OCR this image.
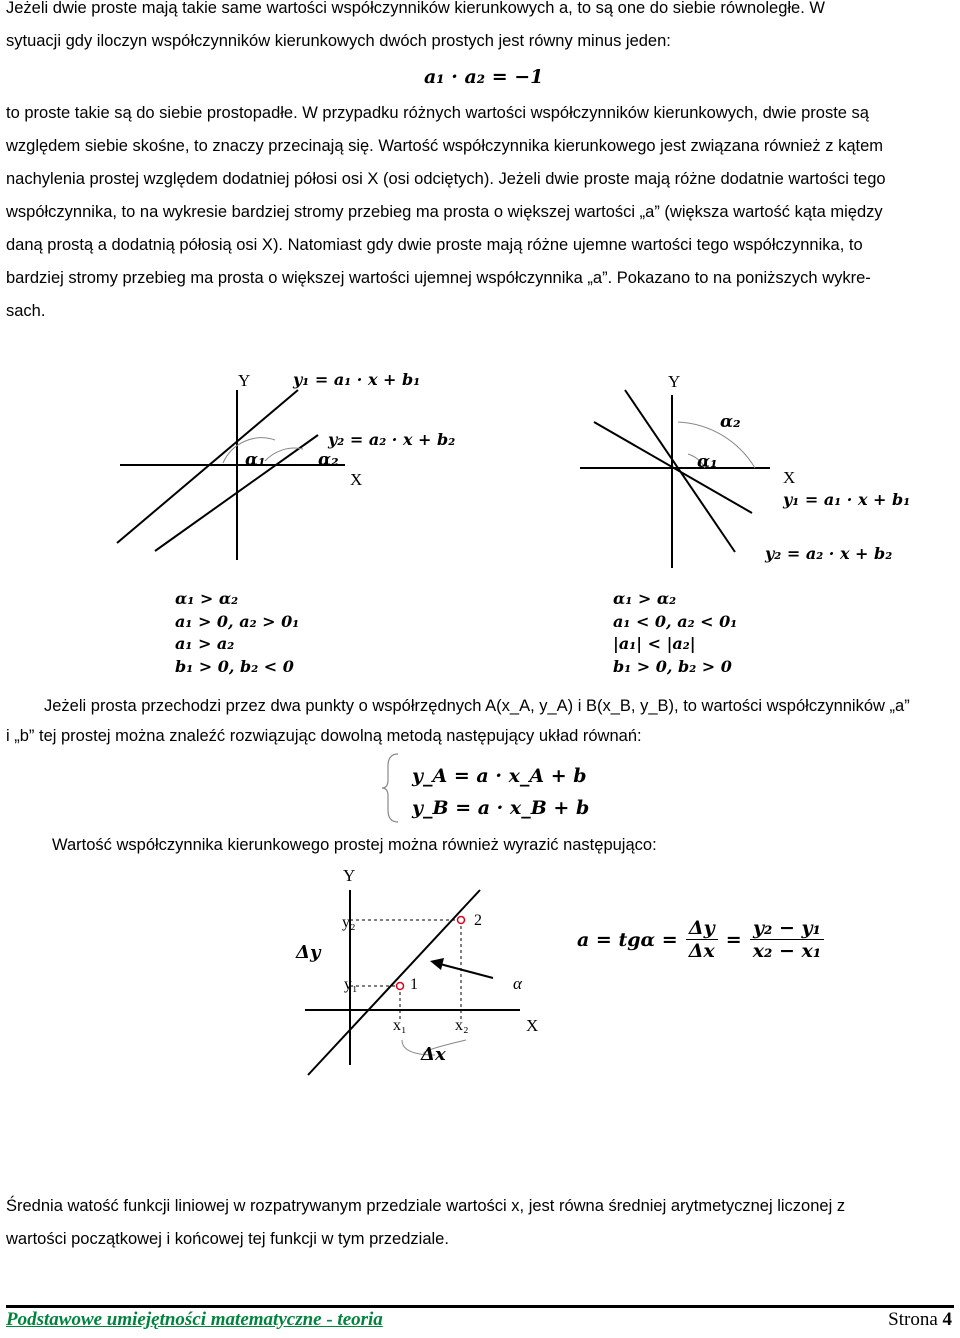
Jeżeli dwie proste mają takie same wartości współczynników kierunkowych a, to są one do siebie równoległe. W
sytuacji gdy iloczyn współczynników kierunkowych dwóch prostych jest równy minus jeden:
a₁ · a₂ = −1
to proste takie są do siebie prostopadłe. W przypadku różnych wartości współczynników kierunkowych, dwie proste są
względem siebie skośne, to znaczy przecinają się. Wartość współczynnika kierunkowego jest związana również z kątem
nachylenia prostej względem dodatniej półosi osi X (osi odciętych). Jeżeli dwie proste mają różne dodatnie wartości tego
współczynnika, to na wykresie bardziej stromy przebieg ma prosta o większej wartości „a” (większa wartość kąta między
daną prostą a dodatnią półosią osi X). Natomiast gdy dwie proste mają różne ujemne wartości tego współczynnika, to
bardziej stromy przebieg ma prosta o większej wartości ujemnej współczynnika „a”. Pokazano to na poniższych wykre-
sach.
Y
X
y₁ = a₁ · x + b₁
y₂ = a₂ · x + b₂
α₁	α₂
α₁ > α₂
a₁ > 0, a₂ > 0₁
a₁ > a₂
b₁ > 0, b₂ < 0
Y
X
α₂
α₁
y₁ = a₁ · x + b₁
y₂ = a₂ · x + b₂
α₁ > α₂
a₁ < 0, a₂ < 0₁
|a₁| < |a₂|
b₁ > 0, b₂ > 0
Jeżeli prosta przechodzi przez dwa punkty o współrzędnych A(x_A, y_A) i B(x_B, y_B), to wartości współczynników „a”
i „b” tej prostej można znaleźć rozwiązując dowolną metodą następujący układ równań:
y_A = a · x_A + b
y_B = a · x_B + b
Wartość współczynnika kierunkowego prostej można również wyrazić następująco:
Y
X
y₂
y₁
x₁	x₂
1
2
α
Δy
Δx
$a = tg\alpha = \frac{\Delta y}{\Delta x} = \frac{\text{y₂ − y₁}}{\text{x₂ − x₁}}$
Średnia watość funkcji liniowej w rozpatrywanym przedziale wartości x, jest równa średniej arytmetycznej liczonej z
wartości początkowej i końcowej tej funkcji w tym przedziale.
Podstawowe umiejętności matematyczne - teoria	Strona 4
